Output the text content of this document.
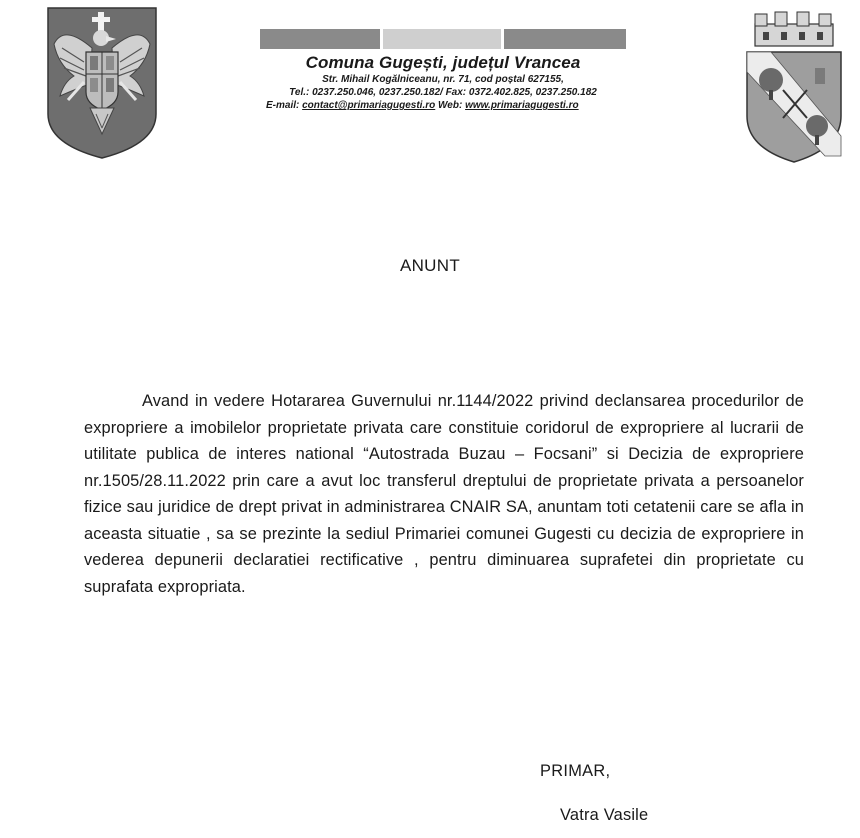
Comuna Gugești, județul Vrancea
Str. Mihail Kogălniceanu, nr. 71, cod poștal 627155,
Tel.: 0237.250.046, 0237.250.182/ Fax: 0372.402.825, 0237.250.182
E-mail: contact@primariagugesti.ro Web: www.primariagugesti.ro
ANUNT
Avand in vedere Hotararea Guvernului nr.1144/2022 privind declansarea procedurilor de expropriere a imobilelor proprietate privata care constituie coridorul de expropriere al lucrarii de utilitate publica de interes national “Autostrada Buzau – Focsani” si Decizia de expropriere nr.1505/28.11.2022 prin care a avut loc transferul dreptului de proprietate privata a persoanelor fizice sau juridice de drept privat in administrarea CNAIR SA, anuntam toti cetatenii care se afla in aceasta situatie , sa se prezinte la sediul Primariei comunei Gugesti cu decizia de expropriere in vederea depunerii declaratiei rectificative , pentru diminuarea suprafetei din proprietate cu suprafata expropriata.
PRIMAR,
Vatra Vasile
